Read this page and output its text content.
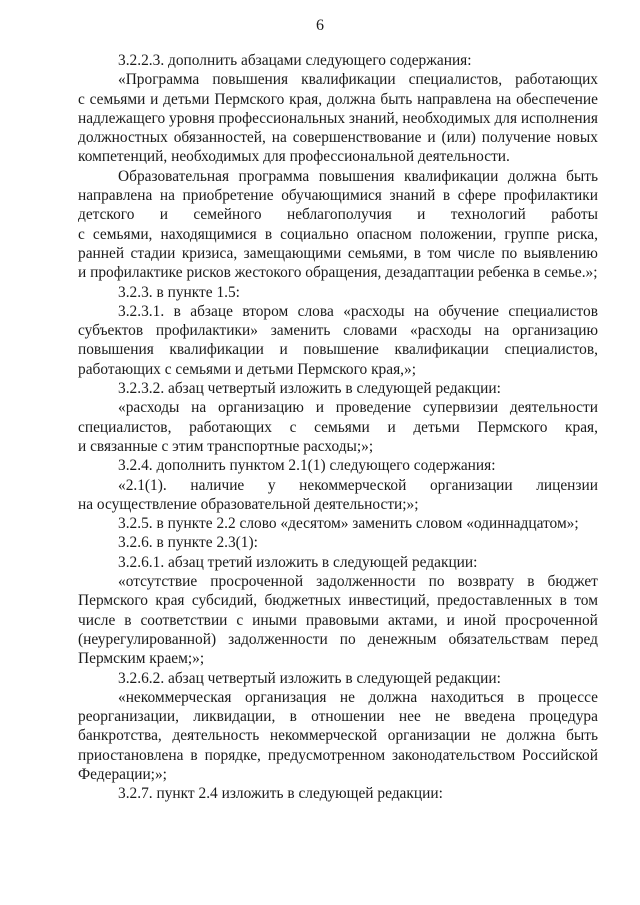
6
3.2.2.3. дополнить абзацами следующего содержания:
«Программа повышения квалификации специалистов, работающих
с семьями и детьми Пермского края, должна быть направлена на обеспечение
надлежащего уровня профессиональных знаний, необходимых для исполнения
должностных обязанностей, на совершенствование и (или) получение новых
компетенций, необходимых для профессиональной деятельности.
Образовательная программа повышения квалификации должна быть
направлена на приобретение обучающимися знаний в сфере профилактики
детского и семейного неблагополучия и технологий работы
с семьями, находящимися в социально опасном положении, группе риска,
ранней стадии кризиса, замещающими семьями, в том числе по выявлению
и профилактике рисков жестокого обращения, дезадаптации ребенка в семье.»;
3.2.3. в пункте 1.5:
3.2.3.1. в абзаце втором слова «расходы на обучение специалистов
субъектов профилактики» заменить словами «расходы на организацию
повышения квалификации и повышение квалификации специалистов,
работающих с семьями и детьми Пермского края,»;
3.2.3.2. абзац четвертый изложить в следующей редакции:
«расходы на организацию и проведение супервизии деятельности
специалистов, работающих с семьями и детьми Пермского края,
и связанные с этим транспортные расходы;»;
3.2.4. дополнить пунктом 2.1(1) следующего содержания:
«2.1(1). наличие у некоммерческой организации лицензии
на осуществление образовательной деятельности;»;
3.2.5. в пункте 2.2 слово «десятом» заменить словом «одиннадцатом»;
3.2.6. в пункте 2.3(1):
3.2.6.1. абзац третий изложить в следующей редакции:
«отсутствие просроченной задолженности по возврату в бюджет
Пермского края субсидий, бюджетных инвестиций, предоставленных в том
числе в соответствии с иными правовыми актами, и иной просроченной
(неурегулированной) задолженности по денежным обязательствам перед
Пермским краем;»;
3.2.6.2. абзац четвертый изложить в следующей редакции:
«некоммерческая организация не должна находиться в процессе
реорганизации, ликвидации, в отношении нее не введена процедура
банкротства, деятельность некоммерческой организации не должна быть
приостановлена в порядке, предусмотренном законодательством Российской
Федерации;»;
3.2.7. пункт 2.4 изложить в следующей редакции:
